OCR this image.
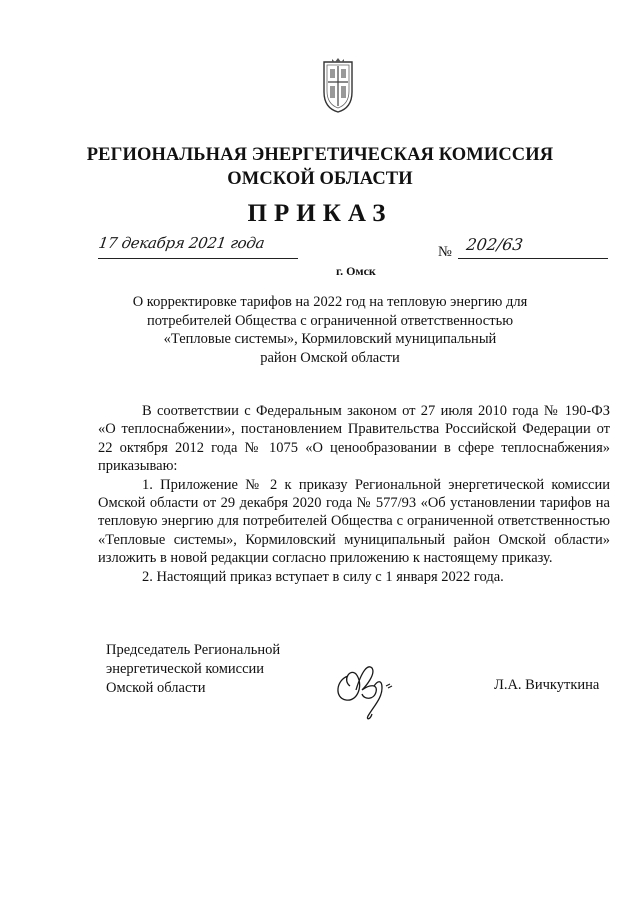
РЕГИОНАЛЬНАЯ ЭНЕРГЕТИЧЕСКАЯ КОМИССИЯ
ОМСКОЙ ОБЛАСТИ
ПРИКАЗ
17 декабря 2021 года	№ 202/63
г. Омск
О корректировке тарифов на 2022 год на тепловую энергию для
потребителей Общества с ограниченной ответственностью
«Тепловые системы», Кормиловский муниципальный
район Омской области

В соответствии с Федеральным законом от 27 июля 2010 года № 190-ФЗ «О теплоснабжении», постановлением Правительства Российской Федерации от 22 октября 2012 года № 1075 «О ценообразовании в сфере теплоснабжения» приказываю:

1. Приложение № 2 к приказу Региональной энергетической комиссии Омской области от 29 декабря 2020 года № 577/93 «Об установлении тарифов на тепловую энергию для потребителей Общества с ограниченной ответственностью «Тепловые системы», Кормиловский муниципальный район Омской области» изложить в новой редакции согласно приложению к настоящему приказу.

2. Настоящий приказ вступает в силу с 1 января 2022 года.

Председатель Региональной
энергетической комиссии
Омской области	Л.А. Вичкуткина
